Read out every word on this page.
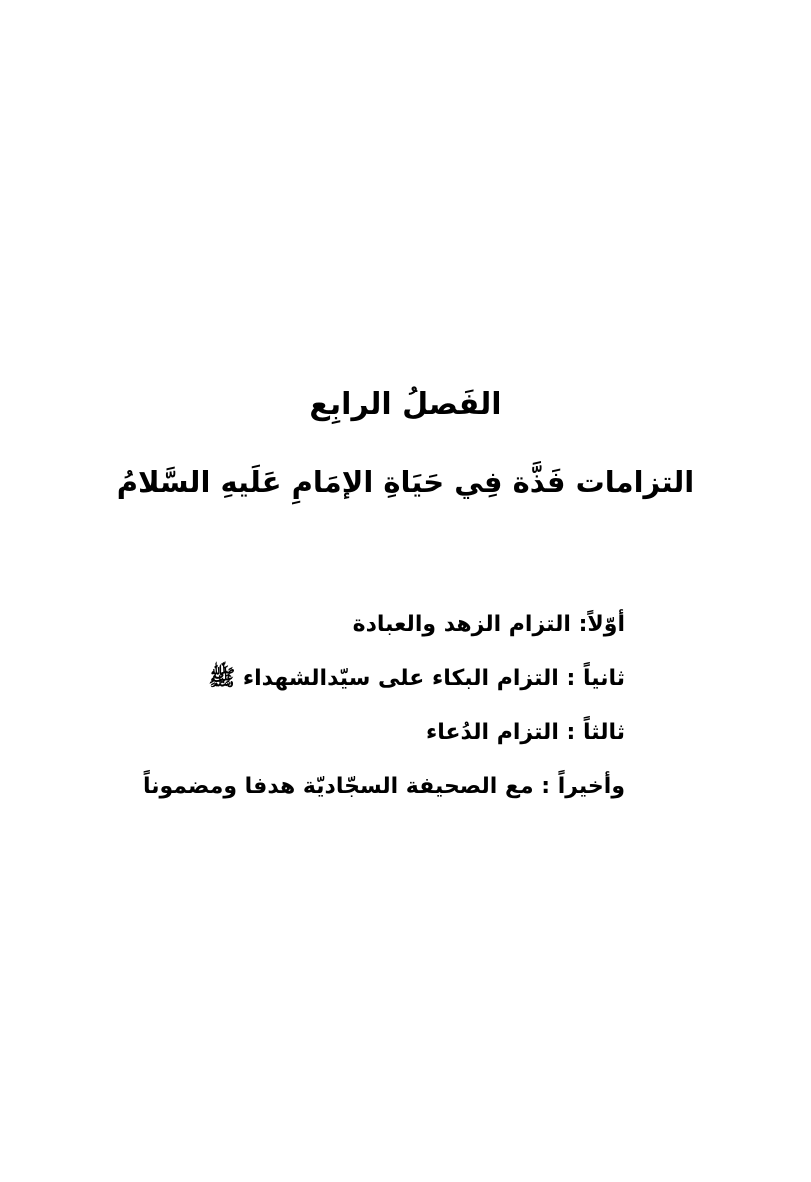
الفَصلُ الرابِع
التزامات فَذَّة فِي حَيَاةِ الإمَامِ عَلَيهِ السَّلامُ
أوّلاً: التزام الزهد والعبادة
ثانياً : التزام البكاء على سيّدالشهداء ﷺ
ثالثاً : التزام الدُعاء
وأخيراً : مع الصحيفة السجّاديّة هدفا ومضموناً
